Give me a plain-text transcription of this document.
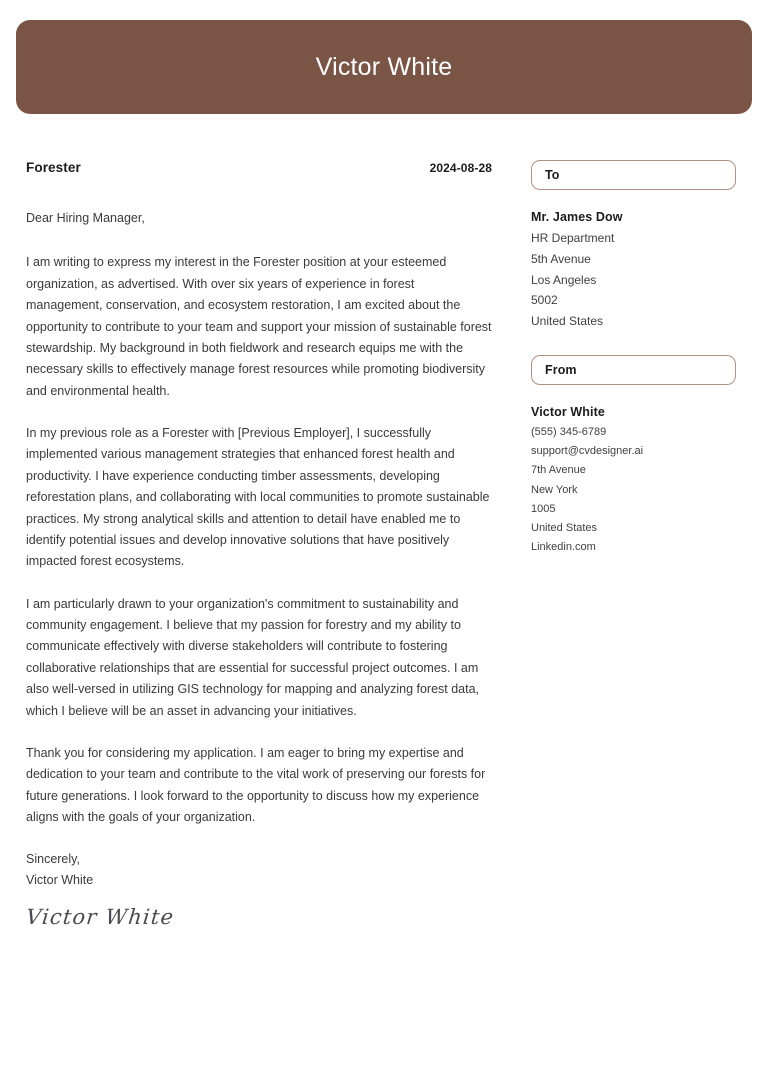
Victor White
Forester	2024-08-28
Dear Hiring Manager,

I am writing to express my interest in the Forester position at your esteemed organization, as advertised. With over six years of experience in forest management, conservation, and ecosystem restoration, I am excited about the opportunity to contribute to your team and support your mission of sustainable forest stewardship. My background in both fieldwork and research equips me with the necessary skills to effectively manage forest resources while promoting biodiversity and environmental health.

In my previous role as a Forester with [Previous Employer], I successfully implemented various management strategies that enhanced forest health and productivity. I have experience conducting timber assessments, developing reforestation plans, and collaborating with local communities to promote sustainable practices. My strong analytical skills and attention to detail have enabled me to identify potential issues and develop innovative solutions that have positively impacted forest ecosystems.

I am particularly drawn to your organization's commitment to sustainability and community engagement. I believe that my passion for forestry and my ability to communicate effectively with diverse stakeholders will contribute to fostering collaborative relationships that are essential for successful project outcomes. I am also well-versed in utilizing GIS technology for mapping and analyzing forest data, which I believe will be an asset in advancing your initiatives.

Thank you for considering my application. I am eager to bring my expertise and dedication to your team and contribute to the vital work of preserving our forests for future generations. I look forward to the opportunity to discuss how my experience aligns with the goals of your organization.

Sincerely,
Victor White
Victor White
To
Mr. James Dow
HR Department
5th Avenue
Los Angeles
5002
United States
From
Victor White
(555) 345-6789
support@cvdesigner.ai
7th Avenue
New York
1005
United States
Linkedin.com
